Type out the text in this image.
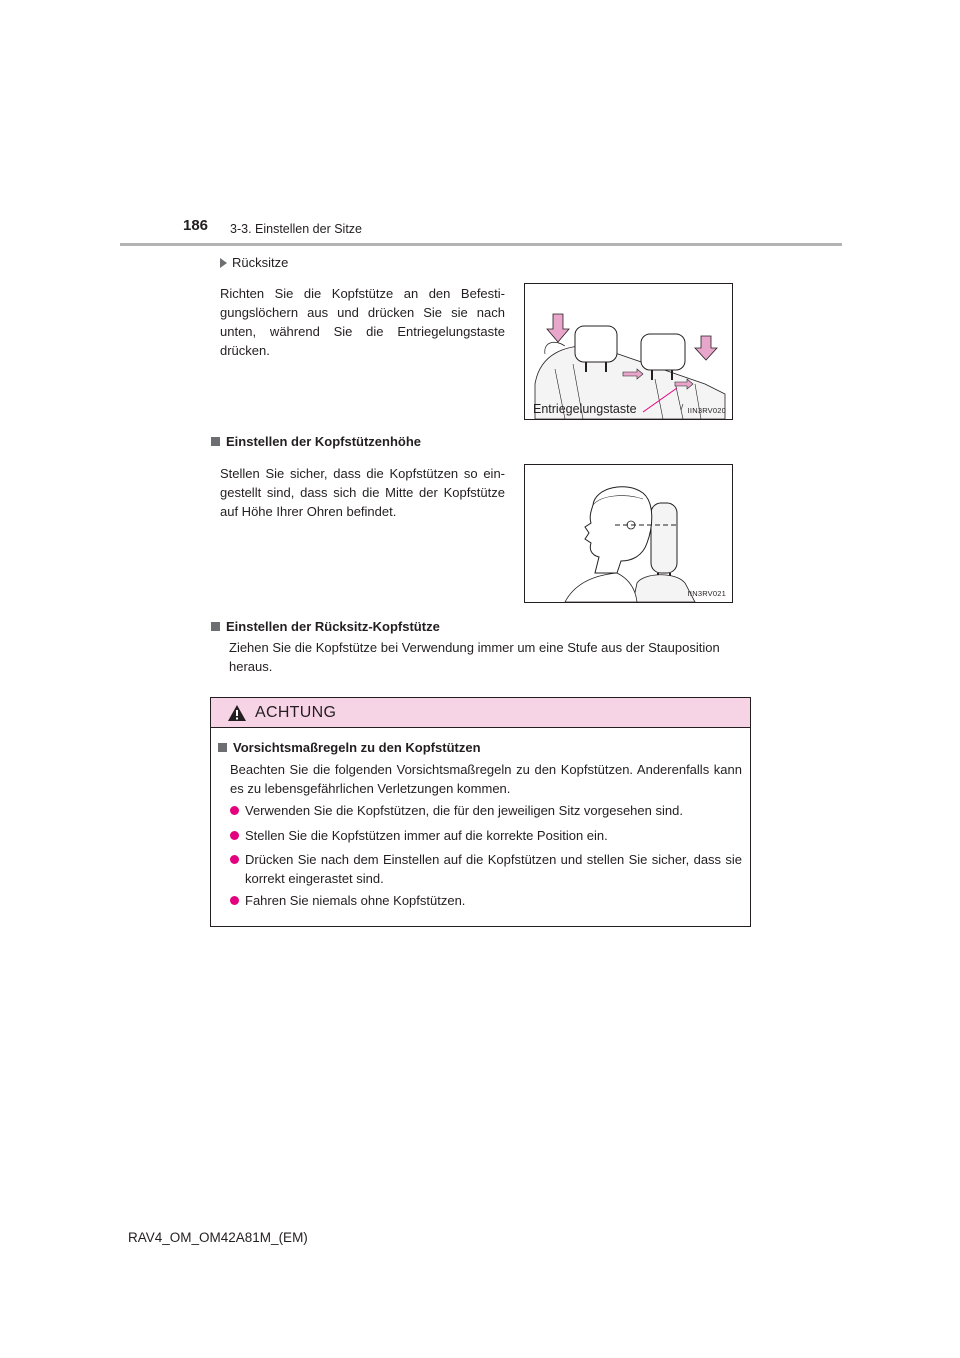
186 3-3. Einstellen der Sitze
Rücksitze
Richten Sie die Kopfstütze an den Befesti-gungslöchern aus und drücken Sie sie nach unten, während Sie die Entriegelungstaste drücken.
Entriegelungstaste	IIN3RV020
Einstellen der Kopfstützenhöhe
Stellen Sie sicher, dass die Kopfstützen so ein-gestellt sind, dass sich die Mitte der Kopfstütze auf Höhe Ihrer Ohren befindet.
IIN3RV021
Einstellen der Rücksitz-Kopfstütze
Ziehen Sie die Kopfstütze bei Verwendung immer um eine Stufe aus der Stauposition heraus.
ACHTUNG
Vorsichtsmaßregeln zu den Kopfstützen
Beachten Sie die folgenden Vorsichtsmaßregeln zu den Kopfstützen. Anderenfalls kann es zu lebensgefährlichen Verletzungen kommen.
Verwenden Sie die Kopfstützen, die für den jeweiligen Sitz vorgesehen sind.
Stellen Sie die Kopfstützen immer auf die korrekte Position ein.
Drücken Sie nach dem Einstellen auf die Kopfstützen und stellen Sie sicher, dass sie korrekt eingerastet sind.
Fahren Sie niemals ohne Kopfstützen.
RAV4_OM_OM42A81M_(EM)
